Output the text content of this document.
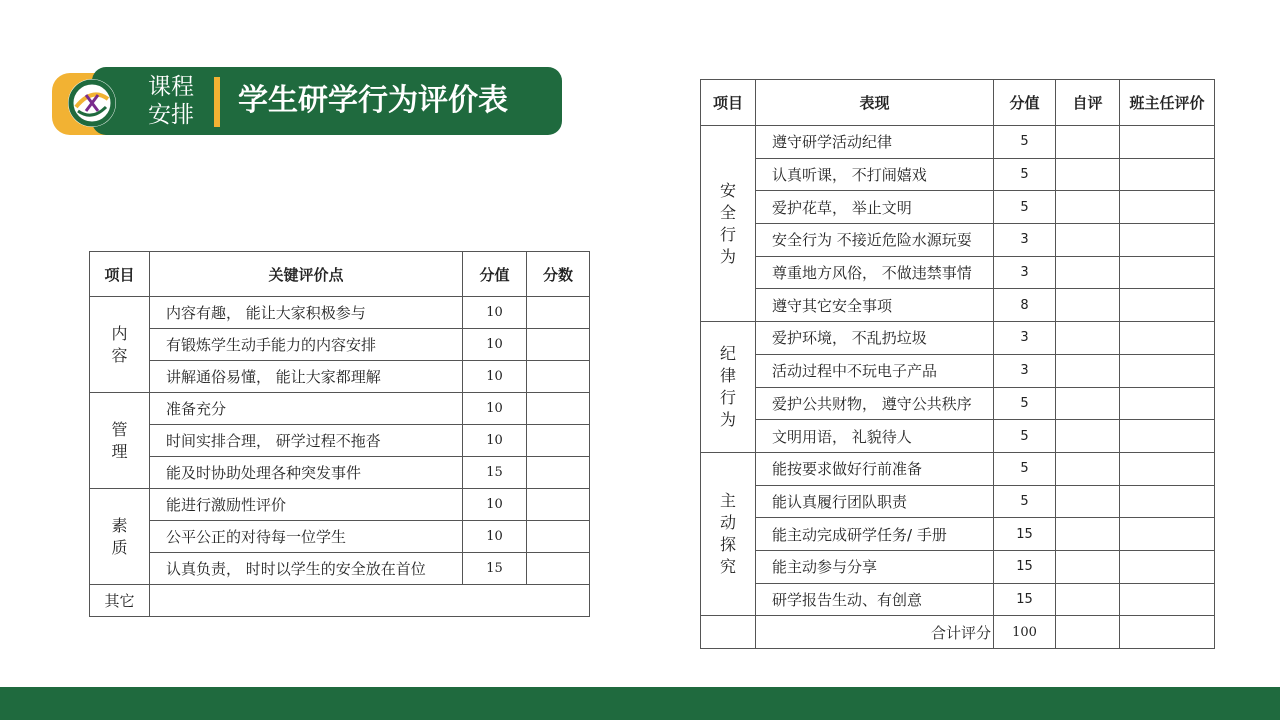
课程
安排	学生研学行为评价表
项目	关键评价点	分值	分数
内容	内容有趣， 能让大家积极参与	10	
	有锻炼学生动手能力的内容安排	10	
	讲解通俗易懂， 能让大家都理解	10	
管理	准备充分	10	
	时间实排合理， 研学过程不拖沓	10	
	能及时协助处理各种突发事件	15	
素质	能进行激励性评价	10	
	公平公正的对待每一位学生	10	
	认真负责， 时时以学生的安全放在首位	15	
其它			
项目	表现	分值	自评	班主任评价
安全行为	遵守研学活动纪律	5		
	认真听课， 不打闹嬉戏	5		
	爱护花草， 举止文明	5		
	安全行为 不接近危险水源玩耍	3		
	尊重地方风俗， 不做违禁事情	3		
	遵守其它安全事项	8		
纪律行为	爱护环境， 不乱扔垃圾	3		
	活动过程中不玩电子产品	3		
	爱护公共财物， 遵守公共秩序	5		
	文明用语， 礼貌待人	5		
主动探究	能按要求做好行前准备	5		
	能认真履行团队职责	5		
	能主动完成研学任务/ 手册	15		
	能主动参与分享	15		
	研学报告生动、有创意	15		
	合计评分	100		
